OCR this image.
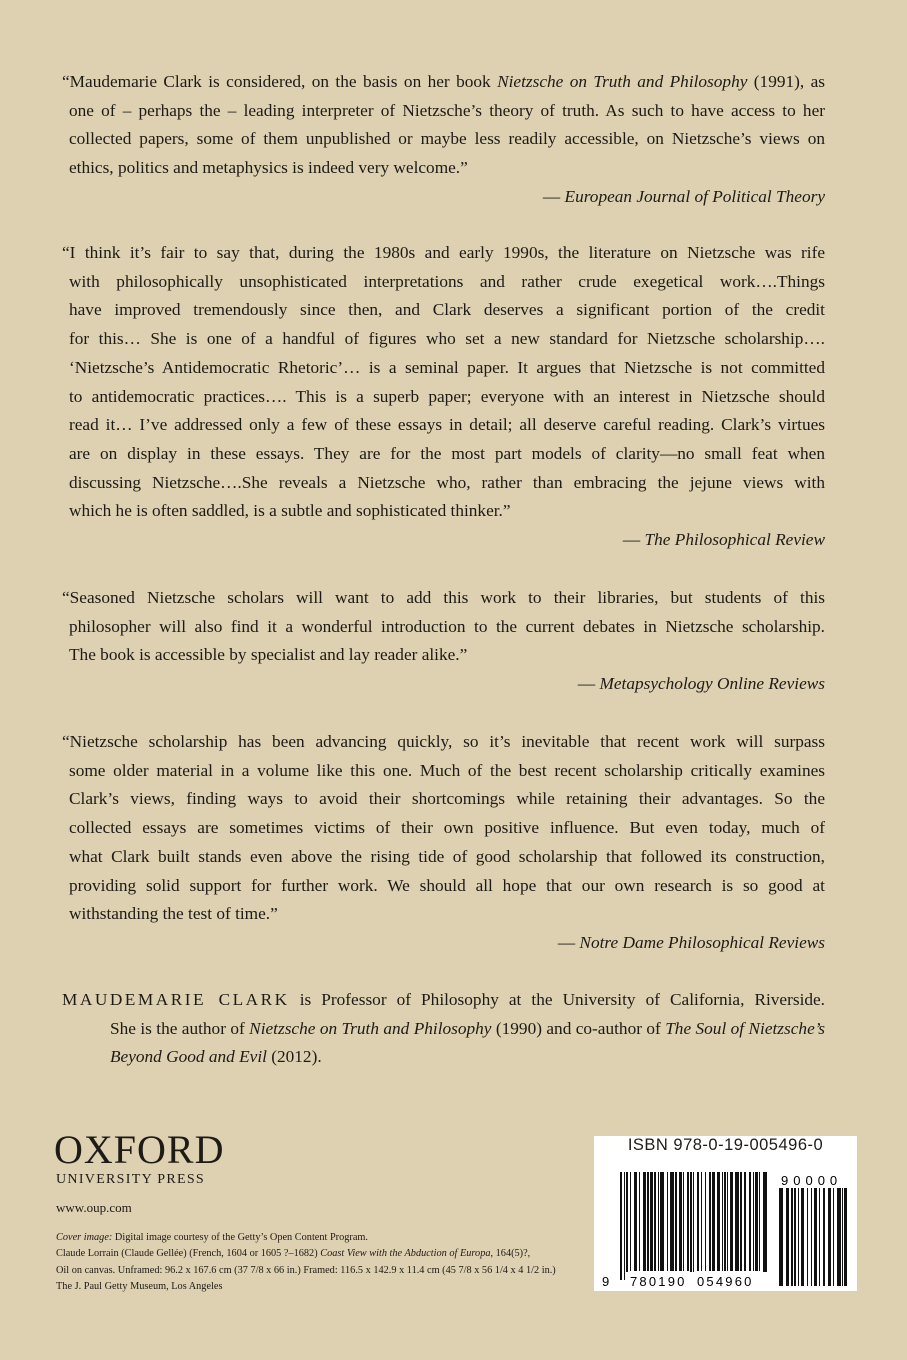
“Maudemarie Clark is considered, on the basis on her book Nietzsche on Truth and Philosophy (1991), as
one of – perhaps the – leading interpreter of Nietzsche’s theory of truth. As such to have access to her
collected papers, some of them unpublished or maybe less readily accessible, on Nietzsche’s views on
ethics, politics and metaphysics is indeed very welcome.”
— European Journal of Political Theory
“I think it’s fair to say that, during the 1980s and early 1990s, the literature on Nietzsche was rife
with philosophically unsophisticated interpretations and rather crude exegetical work….Things
have improved tremendously since then, and Clark deserves a significant portion of the credit
for this… She is one of a handful of figures who set a new standard for Nietzsche scholarship….
‘Nietzsche’s Antidemocratic Rhetoric’… is a seminal paper. It argues that Nietzsche is not committed
to antidemocratic practices…. This is a superb paper; everyone with an interest in Nietzsche should
read it… I’ve addressed only a few of these essays in detail; all deserve careful reading. Clark’s virtues
are on display in these essays. They are for the most part models of clarity—no small feat when
discussing Nietzsche….She reveals a Nietzsche who, rather than embracing the jejune views with
which he is often saddled, is a subtle and sophisticated thinker.”
— The Philosophical Review
“Seasoned Nietzsche scholars will want to add this work to their libraries, but students of this
philosopher will also find it a wonderful introduction to the current debates in Nietzsche scholarship.
The book is accessible by specialist and lay reader alike.”
— Metapsychology Online Reviews
“Nietzsche scholarship has been advancing quickly, so it’s inevitable that recent work will surpass
some older material in a volume like this one. Much of the best recent scholarship critically examines
Clark’s views, finding ways to avoid their shortcomings while retaining their advantages. So the
collected essays are sometimes victims of their own positive influence. But even today, much of
what Clark built stands even above the rising tide of good scholarship that followed its construction,
providing solid support for further work. We should all hope that our own research is so good at
withstanding the test of time.”
— Notre Dame Philosophical Reviews
MAUDEMARIE CLARK is Professor of Philosophy at the University of California, Riverside.
She is the author of Nietzsche on Truth and Philosophy (1990) and co-author of The Soul of Nietzsche’s
Beyond Good and Evil (2012).
OXFORD
UNIVERSITY PRESS
www.oup.com
Cover image: Digital image courtesy of the Getty’s Open Content Program.
Claude Lorrain (Claude Gellée) (French, 1604 or 1605 ?–1682) Coast View with the Abduction of Europa, 164(5)?,
Oil on canvas. Unframed: 96.2 x 167.6 cm (37 7/8 x 66 in.) Framed: 116.5 x 142.9 x 11.4 cm (45 7/8 x 56 1/4 x 4 1/2 in.)
The J. Paul Getty Museum, Los Angeles
ISBN 978-0-19-005496-0
9 780190 054960
90000
